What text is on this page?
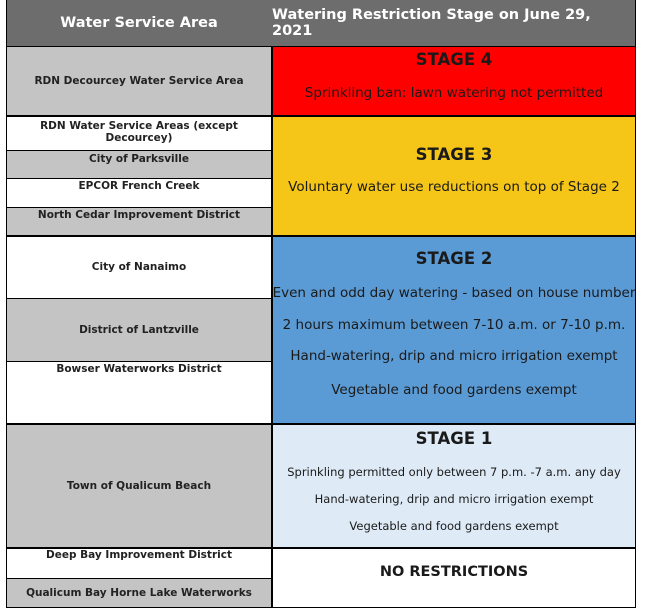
Water Service Area	Watering Restriction Stage on June 29, 2021
RDN Decourcey Water Service Area
RDN Water Service Areas (except Decourcey)
City of Parksville
EPCOR French Creek
North Cedar Improvement District
City of Nanaimo
District of Lantzville
Bowser Waterworks District
Town of Qualicum Beach
Deep Bay Improvement District
Qualicum Bay Horne Lake Waterworks
STAGE 4
Sprinkling ban: lawn watering not permitted
STAGE 3
Voluntary water use reductions on top of Stage 2
STAGE 2
Even and odd day watering - based on house number
2 hours maximum between 7-10 a.m. or 7-10 p.m.
Hand-watering, drip and micro irrigation exempt
Vegetable and food gardens exempt
STAGE 1
Sprinkling permitted only between 7 p.m. -7 a.m. any day
Hand-watering, drip and micro irrigation exempt
Vegetable and food gardens exempt
NO RESTRICTIONS
